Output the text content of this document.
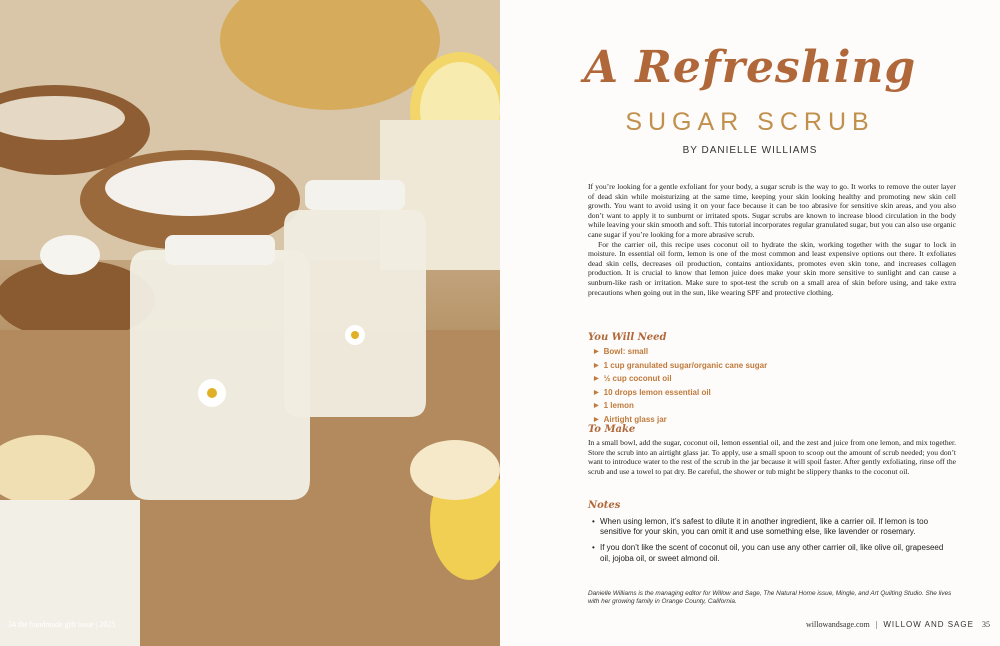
A Refreshing
SUGAR SCRUB
BY DANIELLE WILLIAMS

If you’re looking for a gentle exfoliant for your body, a sugar scrub is the way to go. It works to remove the outer layer of dead skin while moisturizing at the same time, keeping your skin looking healthy and promoting new skin cell growth. You want to avoid using it on your face because it can be too abrasive for sensitive skin areas, and you also don’t want to apply it to sunburnt or irritated spots. Sugar scrubs are known to increase blood circulation in the body while leaving your skin smooth and soft. This tutorial incorporates regular granulated sugar, but you can also use organic cane sugar if you’re looking for a more abrasive scrub.

For the carrier oil, this recipe uses coconut oil to hydrate the skin, working together with the sugar to lock in moisture. In essential oil form, lemon is one of the most common and least expensive options out there. It exfoliates dead skin cells, decreases oil production, contains antioxidants, promotes even skin tone, and increases collagen production. It is crucial to know that lemon juice does make your skin more sensitive to sunlight and can cause a sunburn-like rash or irritation. Make sure to spot-test the scrub on a small area of skin before using, and take extra precautions when going out in the sun, like wearing SPF and protective clothing.

You Will Need
▶ Bowl: small
▶ 1 cup granulated sugar/organic cane sugar
▶ ½ cup coconut oil
▶ 10 drops lemon essential oil
▶ 1 lemon
▶ Airtight glass jar
To Make
In a small bowl, add the sugar, coconut oil, lemon essential oil, and the zest and juice from one lemon, and mix together. Store the scrub into an airtight glass jar. To apply, use a small spoon to scoop out the amount of scrub needed; you don’t want to introduce water to the rest of the scrub in the jar because it will spoil faster. After gently exfoliating, rinse off the scrub and use a towel to pat dry. Be careful, the shower or tub might be slippery thanks to the coconut oil.
Notes
• When using lemon, it’s safest to dilute it in another ingredient, like a carrier oil. If lemon is too sensitive for your skin, you can omit it and use something else, like lavender or rosemary.
• If you don’t like the scent of coconut oil, you can use any other carrier oil, like olive oil, grapeseed oil, jojoba oil, or sweet almond oil.
Danielle Williams is the managing editor for Willow and Sage, The Natural Home issue, Mingle, and Art Quilting Studio. She lives with her growing family in Orange County, California.
willowandsage.com | WILLOW AND SAGE 35
34 the handmade gift issue | 2025
